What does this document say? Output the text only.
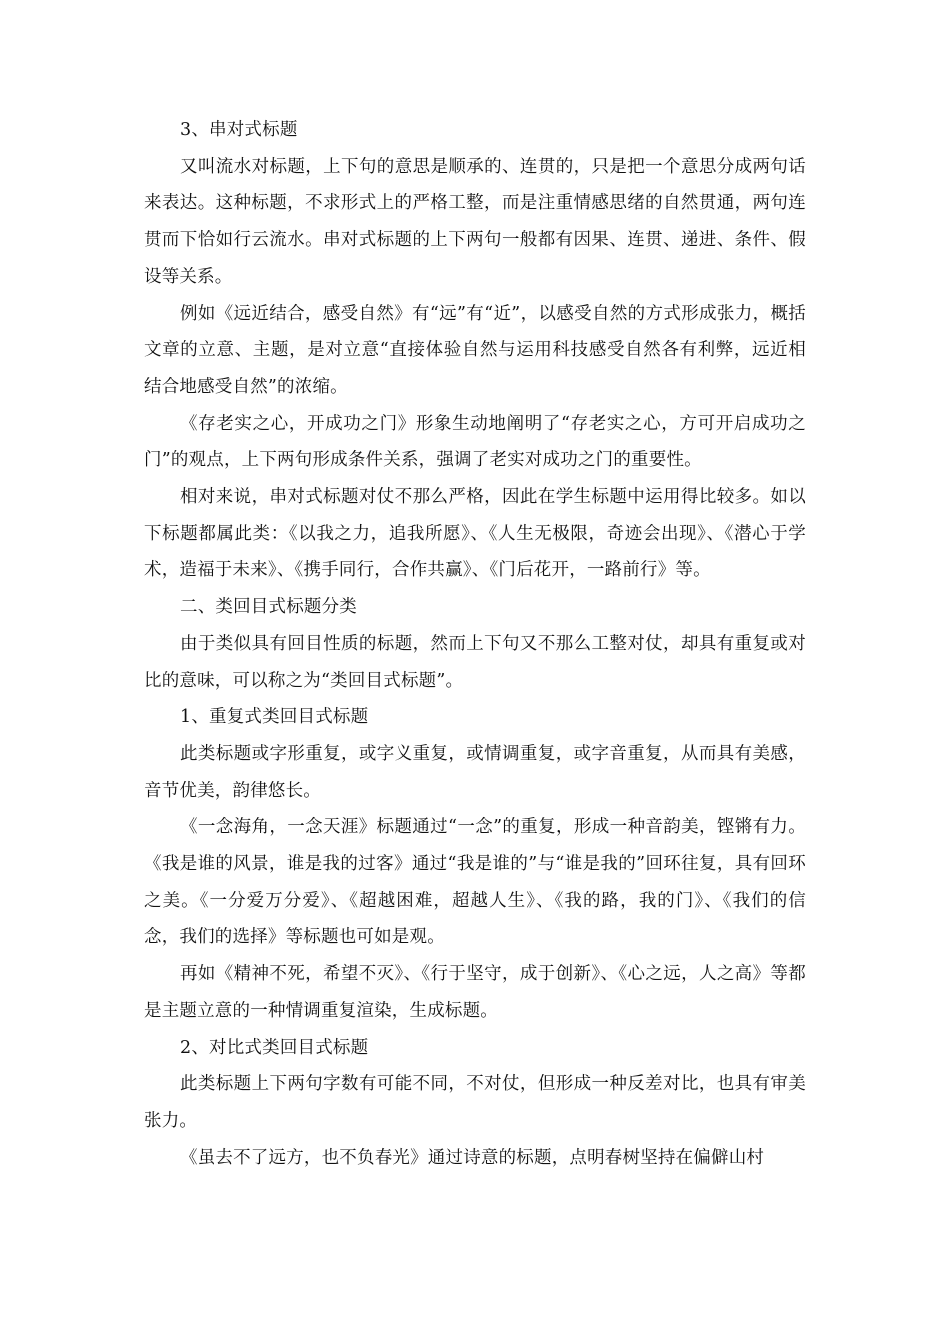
3、串对式标题

又叫流水对标题，上下句的意思是顺承的、连贯的，只是把一个意思分成两句话来表达。这种标题，不求形式上的严格工整，而是注重情感思绪的自然贯通，两句连贯而下恰如行云流水。串对式标题的上下两句一般都有因果、连贯、递进、条件、假设等关系。

例如《远近结合，感受自然》有“远”有“近”，以感受自然的方式形成张力，概括文章的立意、主题，是对立意“直接体验自然与运用科技感受自然各有利弊，远近相结合地感受自然”的浓缩。

《存老实之心，开成功之门》形象生动地阐明了“存老实之心，方可开启成功之门”的观点，上下两句形成条件关系，强调了老实对成功之门的重要性。

相对来说，串对式标题对仗不那么严格，因此在学生标题中运用得比较多。如以下标题都属此类：《以我之力，追我所愿》、《人生无极限，奇迹会出现》、《潜心于学术，造福于未来》、《携手同行，合作共赢》、《门后花开，一路前行》等。

二、类回目式标题分类

由于类似具有回目性质的标题，然而上下句又不那么工整对仗，却具有重复或对比的意味，可以称之为“类回目式标题”。

1、重复式类回目式标题

此类标题或字形重复，或字义重复，或情调重复，或字音重复，从而具有美感，音节优美，韵律悠长。

《一念海角，一念天涯》标题通过“一念”的重复，形成一种音韵美，铿锵有力。《我是谁的风景，谁是我的过客》通过“我是谁的”与“谁是我的”回环往复，具有回环之美。《一分爱万分爱》、《超越困难，超越人生》、《我的路，我的门》、《我们的信念，我们的选择》等标题也可如是观。

再如《精神不死，希望不灭》、《行于坚守，成于创新》、《心之远，人之高》等都是主题立意的一种情调重复渲染，生成标题。

2、对比式类回目式标题

此类标题上下两句字数有可能不同，不对仗，但形成一种反差对比，也具有审美张力。

《虽去不了远方，也不负春光》通过诗意的标题，点明春树坚持在偏僻山村
